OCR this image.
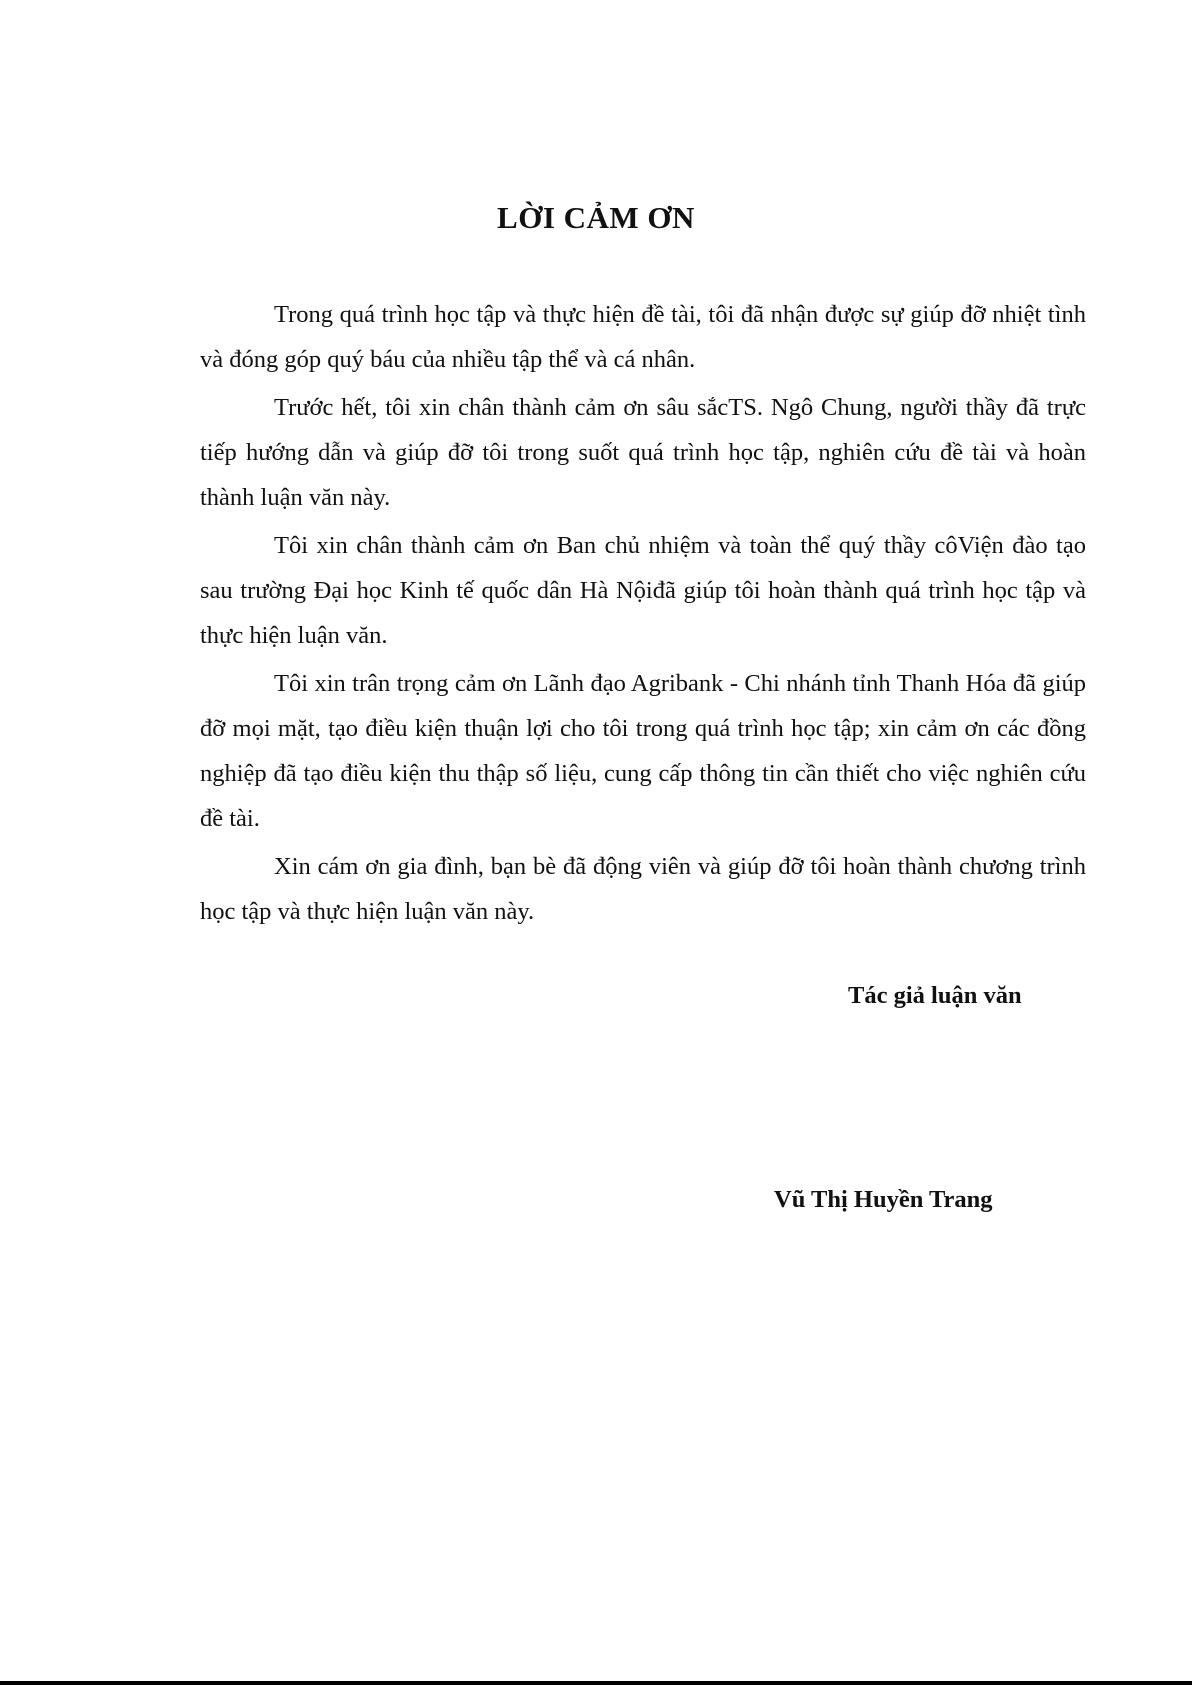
LỜI CẢM ƠN

Trong quá trình học tập và thực hiện đề tài, tôi đã nhận được sự giúp đỡ nhiệt tình và đóng góp quý báu của nhiều tập thể và cá nhân.

Trước hết, tôi xin chân thành cảm ơn sâu sắcTS. Ngô Chung, người thầy đã trực tiếp hướng dẫn và giúp đỡ tôi trong suốt quá trình học tập, nghiên cứu đề tài và hoàn thành luận văn này.

Tôi xin chân thành cảm ơn Ban chủ nhiệm và toàn thể quý thầy côViện đào tạo sau trường Đại học Kinh tế quốc dân Hà Nộiđã giúp tôi hoàn thành quá trình học tập và thực hiện luận văn.

Tôi xin trân trọng cảm ơn Lãnh đạo Agribank - Chi nhánh tỉnh Thanh Hóa đã giúp đỡ mọi mặt, tạo điều kiện thuận lợi cho tôi trong quá trình học tập; xin cảm ơn các đồng nghiệp đã tạo điều kiện thu thập số liệu, cung cấp thông tin cần thiết cho việc nghiên cứu đề tài.

Xin cám ơn gia đình, bạn bè đã động viên và giúp đỡ tôi hoàn thành chương trình học tập và thực hiện luận văn này.

Tác giả luận văn
Vũ Thị Huyền Trang
